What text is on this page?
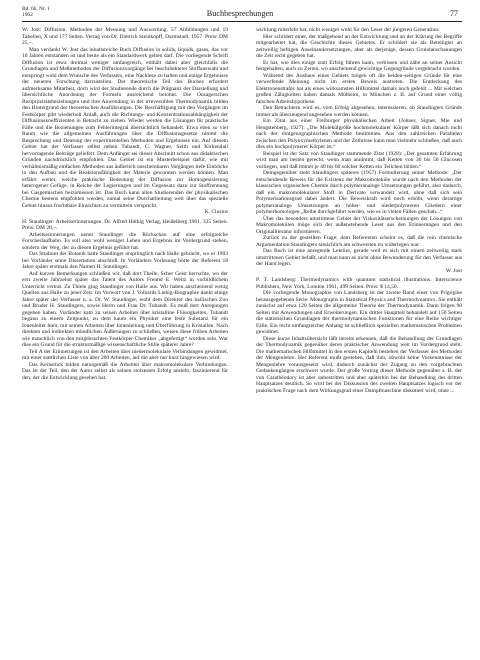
Bd. 66, Nr. 1
1962	Buchbesprechungen	77

W. Jost: Diffusion. Methoden der Messung und Auswertung. 57 Abbildungen und 19 Tabellen, X und 177 Seiten. Verlag von Dr. Dietrich Steinkopff, Darmstadt, 1957. Preis: DM 25,–.

Man verdankt W. Jost das inhaltsreiche Buch Diffusion in solids, liquids, gases, das vor 10 Jahren entstanden ist und heute als ein Standardwerk gelten darf. Die vorliegende Schrift Diffusion ist etwa dreimal weniger umfangreich, enthält dabei aber gleichfalls die Grundlagen und Meßmethoden der Diffusionsvorgänge bei beschränkterer Stoffauswahl und entspringt wohl dem Wunsche des Verfassers, eine Nachlese zu halten und einige Ergebnisse der neueren Forschung darzustellen. Der theoretische Teil des Buches erfordert aufmerksame Mitarbeit, doch wird der Studierende durch die Prägnanz der Darstellung und übersichtliche Anordnung der Formeln ausreichend belohnt. Die Onsagerschen Reziprozitätsbeziehungen und ihre Anwendung in der irreversiblen Thermodynamik bilden den Hintergrund der theoretischen Ausführungen. Die Beschäftigung mit den Vorgängen im Festkörper gibt wiederholt Anlaß, auch die Richtungs- und Konzentrationsabhängigkeit der Diffusionskoeffizienten in Betracht zu ziehen. Wieder werden die Lösungen für praktische Fälle und die Beziehungen zum Fehlerintegral übersichtlich behandelt. Etwa eben so viel Raum wie die allgemeinen Ausführungen über die Diffusionsgesetze nimmt die Besprechung und Deutung der experimentellen Methoden und Ergebnisse ein. Auf diesem Gebiet hat der Verfasser selbst neben Tubandt, C. Wagner, Seith und Kirkendall hervorragende Beiträge geliefert. Dem Anfänger sei dieser Abschnitt schon aus didaktischen Gründen nachdrücklich empfohlen. Das Gebiet ist ein Musterbeispiel dafür, wie mit verhältnismäßig einfachen Methoden aus äußerlich unscheinbaren Vorgängen tiefe Einblicke in den Aufbau und die Reaktionsfähigkeit der Materie gewonnen werden können. Man erfährt weiter, welche praktische Bedeutung der Diffusion zur Homogenisierung heterogener Gefüge, in Reiche der Legierungen und im Gegensatz dazu zur Stoffrennung bei Gasgemischen beizumessen ist. Das Buch kann allen Studierenden der physikalischen Chemie bestens empfohlen werden, zumal seine Durcharbeitung weit über das spezielle Gebiet hinaus fruchtbare Einsichten zu vermitteln verspricht.

K. Clusius

H. Staudinger: Arbeitserinnerungen. Dr. Alfred Hüthig Verlag, Heidelberg 1961. 335 Seiten. Preis: DM 28,–.

Arbeitserinnerungen nennt Staudinger die Rückschau auf eine erfolgreiche Forscherlaufbahn. Es soll also wohl weniger Leben und Ergebnis im Vordergrund stehen, sondern der Weg, der zu diesen Ergebnis geführt hat.

Das Studium der Botanik hatte Staudinger ursprünglich nach Halle gebracht, wo er 1903 bei Vorländer seine Dissertation abschloß. In Vorländers Vorlesung hörte der Referent 18 Jahre später erstmals den Namen H. Staudinger.

Auf kurzen Bemerkungen schließen wir, daß dort Theile, Scher Geist herrschte, wo der erst zweite Jahrzehnt später das Talent des Autors Freund E. Weitz in vorbildlichem Unterricht vertrat. Zu Thiele ging Staudinger von Halle aus. Wir haben anscheinend wenig Quellen aus Halle zu jener Zeit. Im Vorwort von J. Volhards Liebig-Biographie dankt einige Jahre später der Verfasser u. a. Dr. W. Staudinger, wohl dem Direktor des hallischen Zoo und Bruder H. Staudingers, sowie Herrn und Frau Dr. Tubandt. Es muß dort Anregungen gegeben haben. Vorländer kam zu seinen Arbeiten über kristalline Flüssigkeiten, Tubandt begann zu einem Zeitpunkt, zu dem kaum ein Physiker eine feste Substanz für ein Ionenleiter hielt, mit seinen Arbeiten über Ionenleitung und Überführung in Kristallen. Nach direkten und indirekten mündlichen Äußerungen zu schließen, weisen diese frühen Arbeiten wie manchlich von den mitgebrachten Festkörper-Chemiker „abgefertigt“ worden sein. War dies ein Grund für die strukturmäßige wissenschaftliche Stille späterer Jahre?

Teil A der Erinnerungen ist den Arbeiten über niedermolekulare Verbindungen gewidmet, mit einer stattlichen Liste von über 200 Arbeiten, auf die aber nur kurz hingewiesen wird.

Das Kernstück bilden naturgemäß die Arbeiten über makromolekulare Verbindungen. Das ist der Teil, den der Autor selbst als seinen stolzesten Erfolg ansieht, faszinierend für den, der die Entwicklung gesehen hat.

wicklung miterlebt hat, nicht weniger wohl für den Leser der jüngeren Generation.

Hier schildert einer, der maßgebend an der Entwicklung und an der Klärung der Begriffe mitgearbeitet hat, die Geschichte dieses Gebietes. Er schildert sie als Beteiligter an zeitweilig heftigen Auseinandersetzungen, aber als derjenige, dessen Grundanschauungen die Zeit recht gegeben hat.

Er hat, wie dies einige zum Erfolg führen kann, verbissen und zähe an seiner Ansicht festgehalten, auch zu Zeiten, wo anscheinend gewichtige Gegengründe vorgebracht wurden.

Während des Ausbaus eines Gebiets mögen oft die heiden-seitigen Gründe für eine verwerfende Meinung nicht im ersten Beweis austreten. Die Entdeckung des Elektronenstrahls hat als eines wirksamsten Hilfsmittel damals noch gefehlt ... Mit welchen großen Zähigkeiten haben damals Mülheim, in München z. B. auf Grund einer völlig falschen Arbeitshypothese.

Den Betrachtern wird es, vom Erfolg abgesehen, interessieren, ob Staudingers Gründe immer als überzeugend angesehen werden können.

Ein Zitat aus einer Freiburger physikalischen Arbeit (Johner, Signer, Mie und Hengstenberg, 1927): „Die Molekülgröße hochmolekularer Körper läßt sich danach nicht nach der röntgenographischen Methode bestimmen. Aus den zahlreichen Parallelen zwischen den Polyoxymethylenen und der Zellulose kann man vielmehr schließen, daß auch dies ein hochpolymerer Körper ist.“

Beispiel ist der Satz von Staudinger stammende Zitat (1928): „Der gesamten Erfahrung wird man am besten gerecht, wenn man annimmt, daß Ketten von 30 bis 50 Glucosen vorliegen, und daß immer je 40 bis 60 solcher Ketten ein Teilchen bilden.“

Demgegenüber steht Staudingers späteres (1957) Formulierung seiner Methode: „Der entscheidende Beweis für die Existenz der Makromoleküle wurde nach den Methoden der klassischen organischen Chemie durch polymeranaloge Umsetzungen geführt, also dadurch, daß ein makromolekularer Stoff in Derivate verwandelt wird, ohne daß sich sein Polymerisationsgrad dabei ändert. Die Beweiskraft wird noch erhöht, wenn derartige polymeranaloge Umsetzungen an höher- und niederpolymeren Gliedern einer polymerhomologen „Reihe durchgeführt werden, wie es in vielen Fällen geschah...“

Über das besonders umstrittene Gebiet der Viskositätserscheinungen der Lösungen von Makromolekülen möge sich der außenstehende Leser aus den Erinnerungen und den Originalliteratur informieren.

Zurück zu der gestellten Frage: dem Referenten scheint es, daß die rein chemische Argumentation Staudingers tatsächlich am schwersten zu widerlegen war.

Das Buch ist eine anregende Lektüre, gerade weil es sich mit einem zeitweilig stark umstrittenen Gebiet befaßt, und man kann es nicht ohne Bewunderung für den Verfasser aus der Hand legen.

W. Jost

P. T. Landsberg: Thermodynamics with quantum statistical illustrations. Interscience Publishers, New York, London 1961, 499 Seiten. Preis: $ 14,50.

Die vorliegende Monographie von Landsberg ist der zweite Band einer von Prigogine herausgegebenen Serie: Monographs in Statistical Physics and Thermodynamics. Sie enthält zunächst auf etwa 120 Seiten die allgemeine Theorie der Thermodynamik. Dann folgen 90 Seiten mit Anwendungen und Erweiterungen. Ein dritter Hauptteil behandelt auf 150 Seiten die statistischen Grundlagen der thermodynamischen Funktionen für eine Reihe wichtiger Fälle. Ein recht umfangreicher Anhang ist schließlich speziellen mathematischen Problemen gewidmet.

Diese kurze Inhaltsübersicht läßt bereits erkennen, daß die Behandlung der Grundlagen der Thermodynamik gegenüber deren praktischer Anwendung weit im Vordergrund steht. Die mathematischen Hilfsmittel in den ersten Kapiteln bestehen der Verfasser des Methoden der Mengenlehre. Her Referent mußt gestehen, daß ihm, obwohl keine Vorkenntnisse der Mengenlehre vorausgesetzt wird, dadurch zunächst der Zugang zu den vorgebrachten Gedankengängen erschwert wurde. Der große Vortrag dieser Methode gegenüber z. B. der von Carathéodory ist aber unbestritten und aber späterhin bei der Behandlung des dritten Hauptsatzes deutlich. So wird bei der Diskussion des zweiten Hauptsatzes logisch vor der praktischen Frage nach dem Wirkungsgrad einer Dampfmaschine diskutiert wird, ohne ...
